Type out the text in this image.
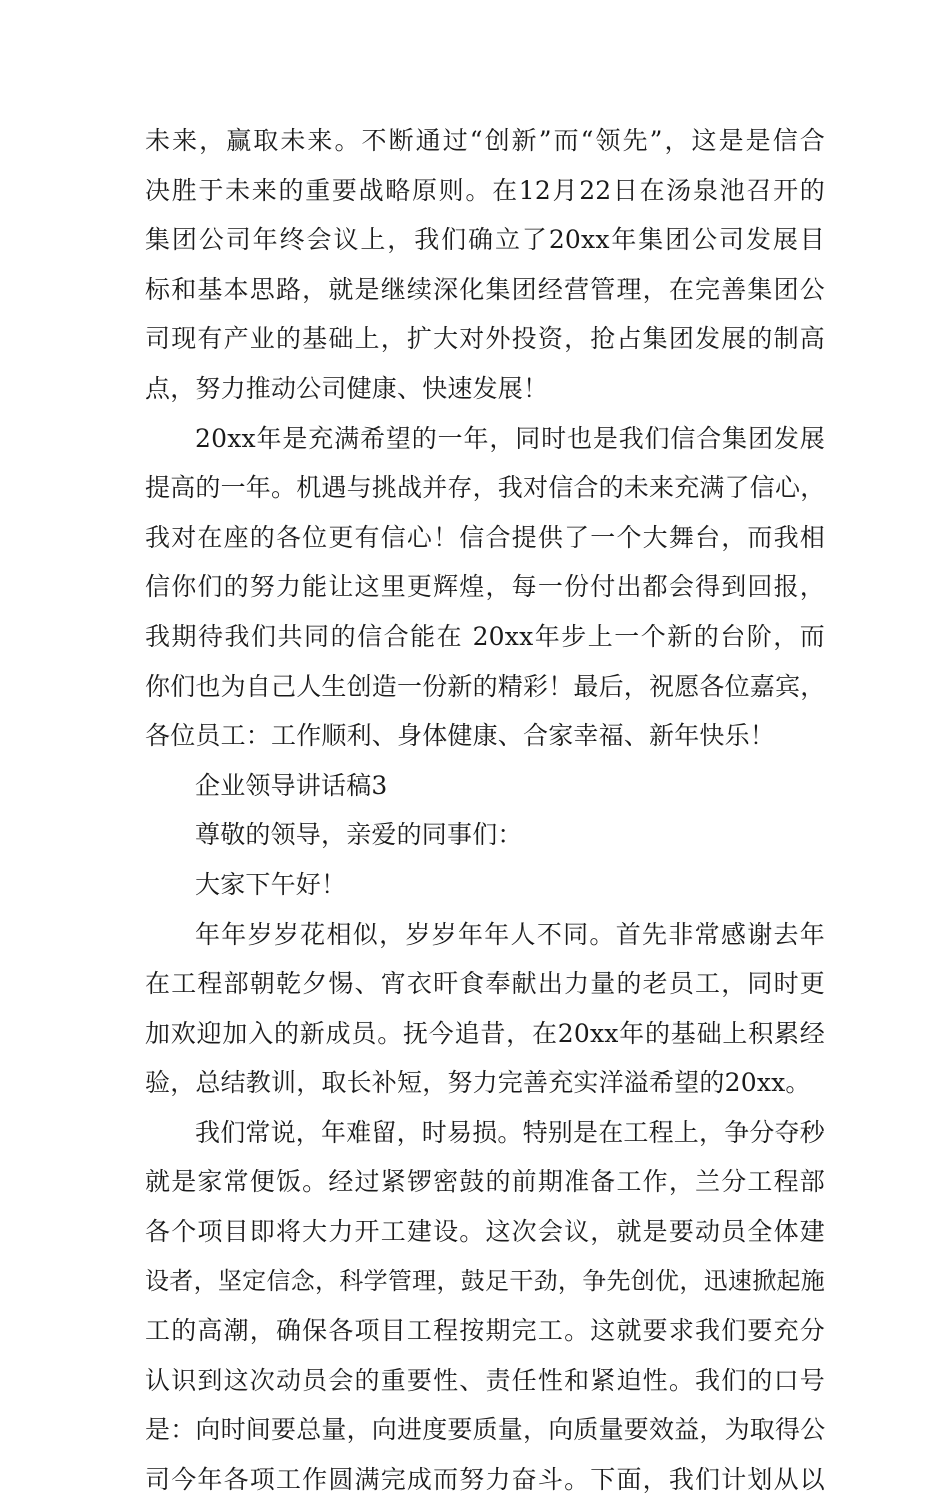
未来，赢取未来。不断通过“创新”而“领先”，这是是信合
决胜于未来的重要战略原则。在12月22日在汤泉池召开的
集团公司年终会议上，我们确立了20xx年集团公司发展目
标和基本思路，就是继续深化集团经营管理，在完善集团公
司现有产业的基础上，扩大对外投资，抢占集团发展的制高
点，努力推动公司健康、快速发展！
20xx年是充满希望的一年，同时也是我们信合集团发展
提高的一年。机遇与挑战并存，我对信合的未来充满了信心，
我对在座的各位更有信心！信合提供了一个大舞台，而我相
信你们的努力能让这里更辉煌，每一份付出都会得到回报，
我期待我们共同的信合能在 20xx年步上一个新的台阶，而
你们也为自己人生创造一份新的精彩！最后，祝愿各位嘉宾，
各位员工：工作顺利、身体健康、合家幸福、新年快乐！
企业领导讲话稿3
尊敬的领导，亲爱的同事们：
大家下午好！
年年岁岁花相似，岁岁年年人不同。首先非常感谢去年
在工程部朝乾夕惕、宵衣旰食奉献出力量的老员工，同时更
加欢迎加入的新成员。抚今追昔，在20xx年的基础上积累经
验，总结教训，取长补短，努力完善充实洋溢希望的20xx。
我们常说，年难留，时易损。特别是在工程上，争分夺秒
就是家常便饭。经过紧锣密鼓的前期准备工作，兰分工程部
各个项目即将大力开工建设。这次会议，就是要动员全体建
设者，坚定信念，科学管理，鼓足干劲，争先创优，迅速掀起施
工的高潮，确保各项目工程按期完工。这就要求我们要充分
认识到这次动员会的重要性、责任性和紧迫性。我们的口号
是：向时间要总量，向进度要质量，向质量要效益，为取得公
司今年各项工作圆满完成而努力奋斗。下面，我们计划从以
